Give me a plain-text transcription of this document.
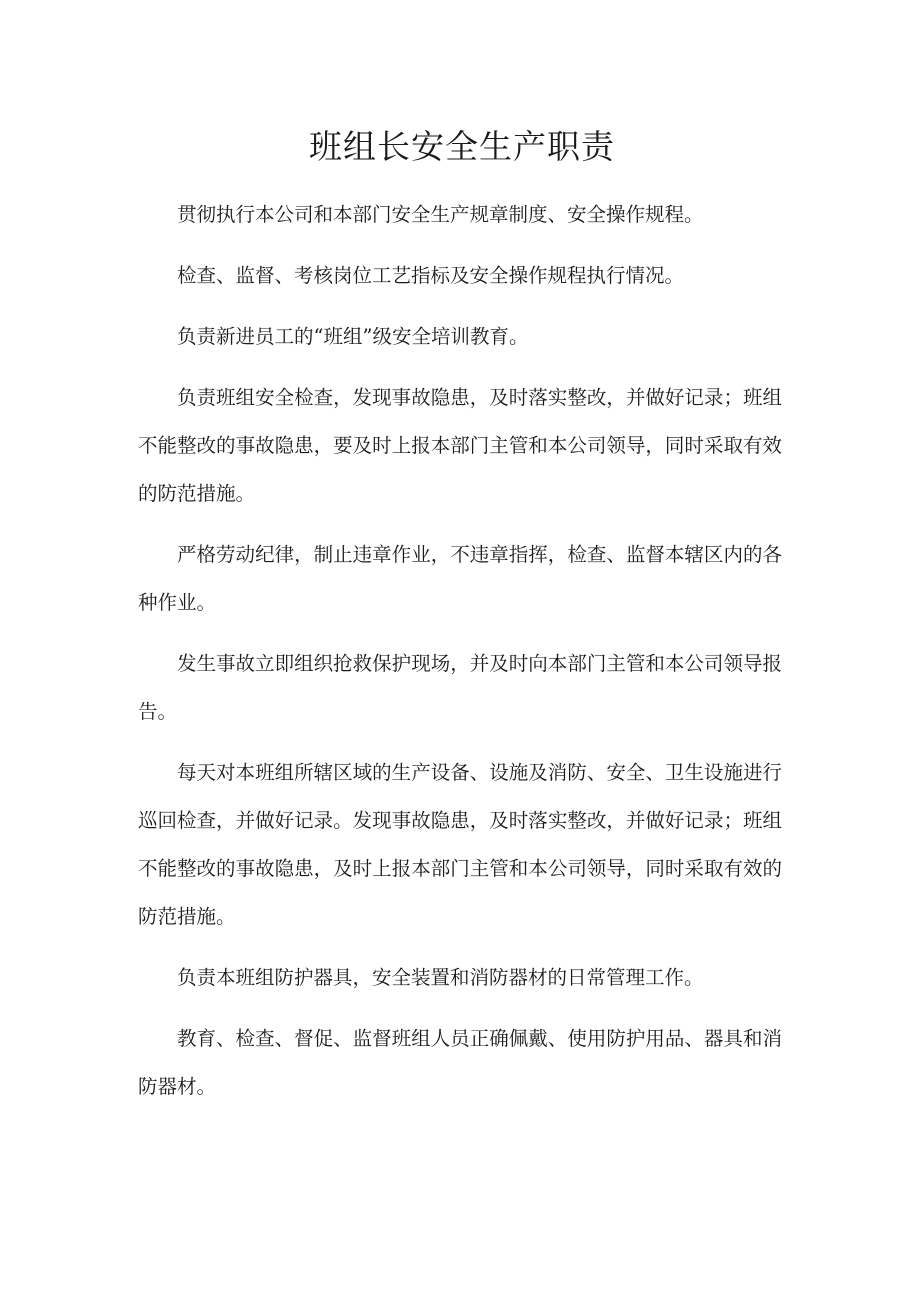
班组长安全生产职责

贯彻执行本公司和本部门安全生产规章制度、安全操作规程。

检查、监督、考核岗位工艺指标及安全操作规程执行情况。

负责新进员工的“班组”级安全培训教育。

负责班组安全检查，发现事故隐患，及时落实整改，并做好记录；班组不能整改的事故隐患，要及时上报本部门主管和本公司领导，同时采取有效的防范措施。

严格劳动纪律，制止违章作业，不违章指挥，检查、监督本辖区内的各种作业。

发生事故立即组织抢救保护现场，并及时向本部门主管和本公司领导报告。

每天对本班组所辖区域的生产设备、设施及消防、安全、卫生设施进行巡回检查，并做好记录。发现事故隐患，及时落实整改，并做好记录；班组不能整改的事故隐患，及时上报本部门主管和本公司领导，同时采取有效的防范措施。

负责本班组防护器具，安全装置和消防器材的日常管理工作。

教育、检查、督促、监督班组人员正确佩戴、使用防护用品、器具和消防器材。
